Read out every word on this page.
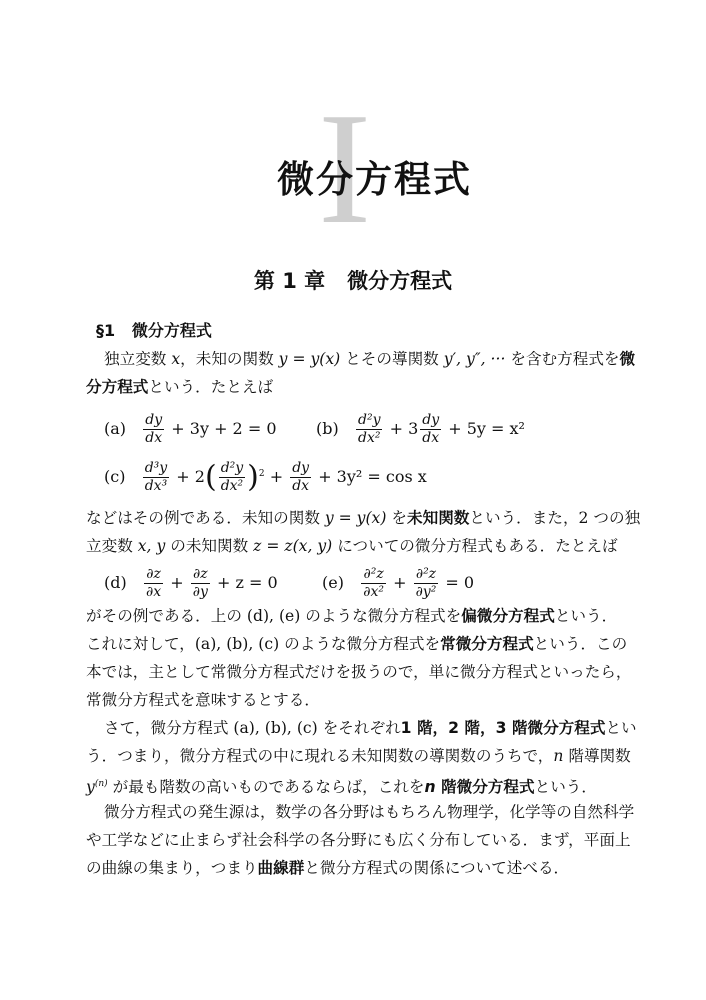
I
微分方程式
第 1 章 微分方程式
§1 微分方程式
独立変数 x，未知の関数 y = y(x) とその導関数 y′, y″, ··· を含む方程式を微
分方程式という．たとえば
$(a) \frac{dy}{dx} + 3y + 2 = 0$ $(b) \frac{\text{d²y}}{\text{dx²}} + 3 \frac{dy}{dx} + 5y = x^2$
$(c) \frac{\text{d³y}}{\text{dx³}} + 2( \frac{\text{d²y}}{\text{dx²}} )^2 + \frac{dy}{dx} + 3y^2 = \cos x$
などはその例である．未知の関数 y = y(x) を未知関数という．また，2 つの独
立変数 x, y の未知関数 z = z(x, y) についての微分方程式もある．たとえば
$(d) \frac{\partial z}{\partial x} + \frac{\partial z}{\partial y} + z = 0$	$(e) \frac{\text{∂²z}}{\text{∂x²}} + \frac{\text{∂²z}}{\text{∂y²}} = 0$
がその例である．上の (d), (e) のような微分方程式を偏微分方程式という．
これに対して，(a), (b), (c) のような微分方程式を常微分方程式という．この
本では，主として常微分方程式だけを扱うので，単に微分方程式といったら，
常微分方程式を意味するとする．
さて，微分方程式 (a), (b), (c) をそれぞれ1 階，2 階，3 階微分方程式とい
う．つまり，微分方程式の中に現れる未知関数の導関数のうちで，n 階導関数
$y^{(n)}$ が最も階数の高いものであるならば，これをn 階微分方程式という．
微分方程式の発生源は，数学の各分野はもちろん物理学，化学等の自然科学
や工学などに止まらず社会科学の各分野にも広く分布している．まず，平面上
の曲線の集まり，つまり曲線群と微分方程式の関係について述べる．
